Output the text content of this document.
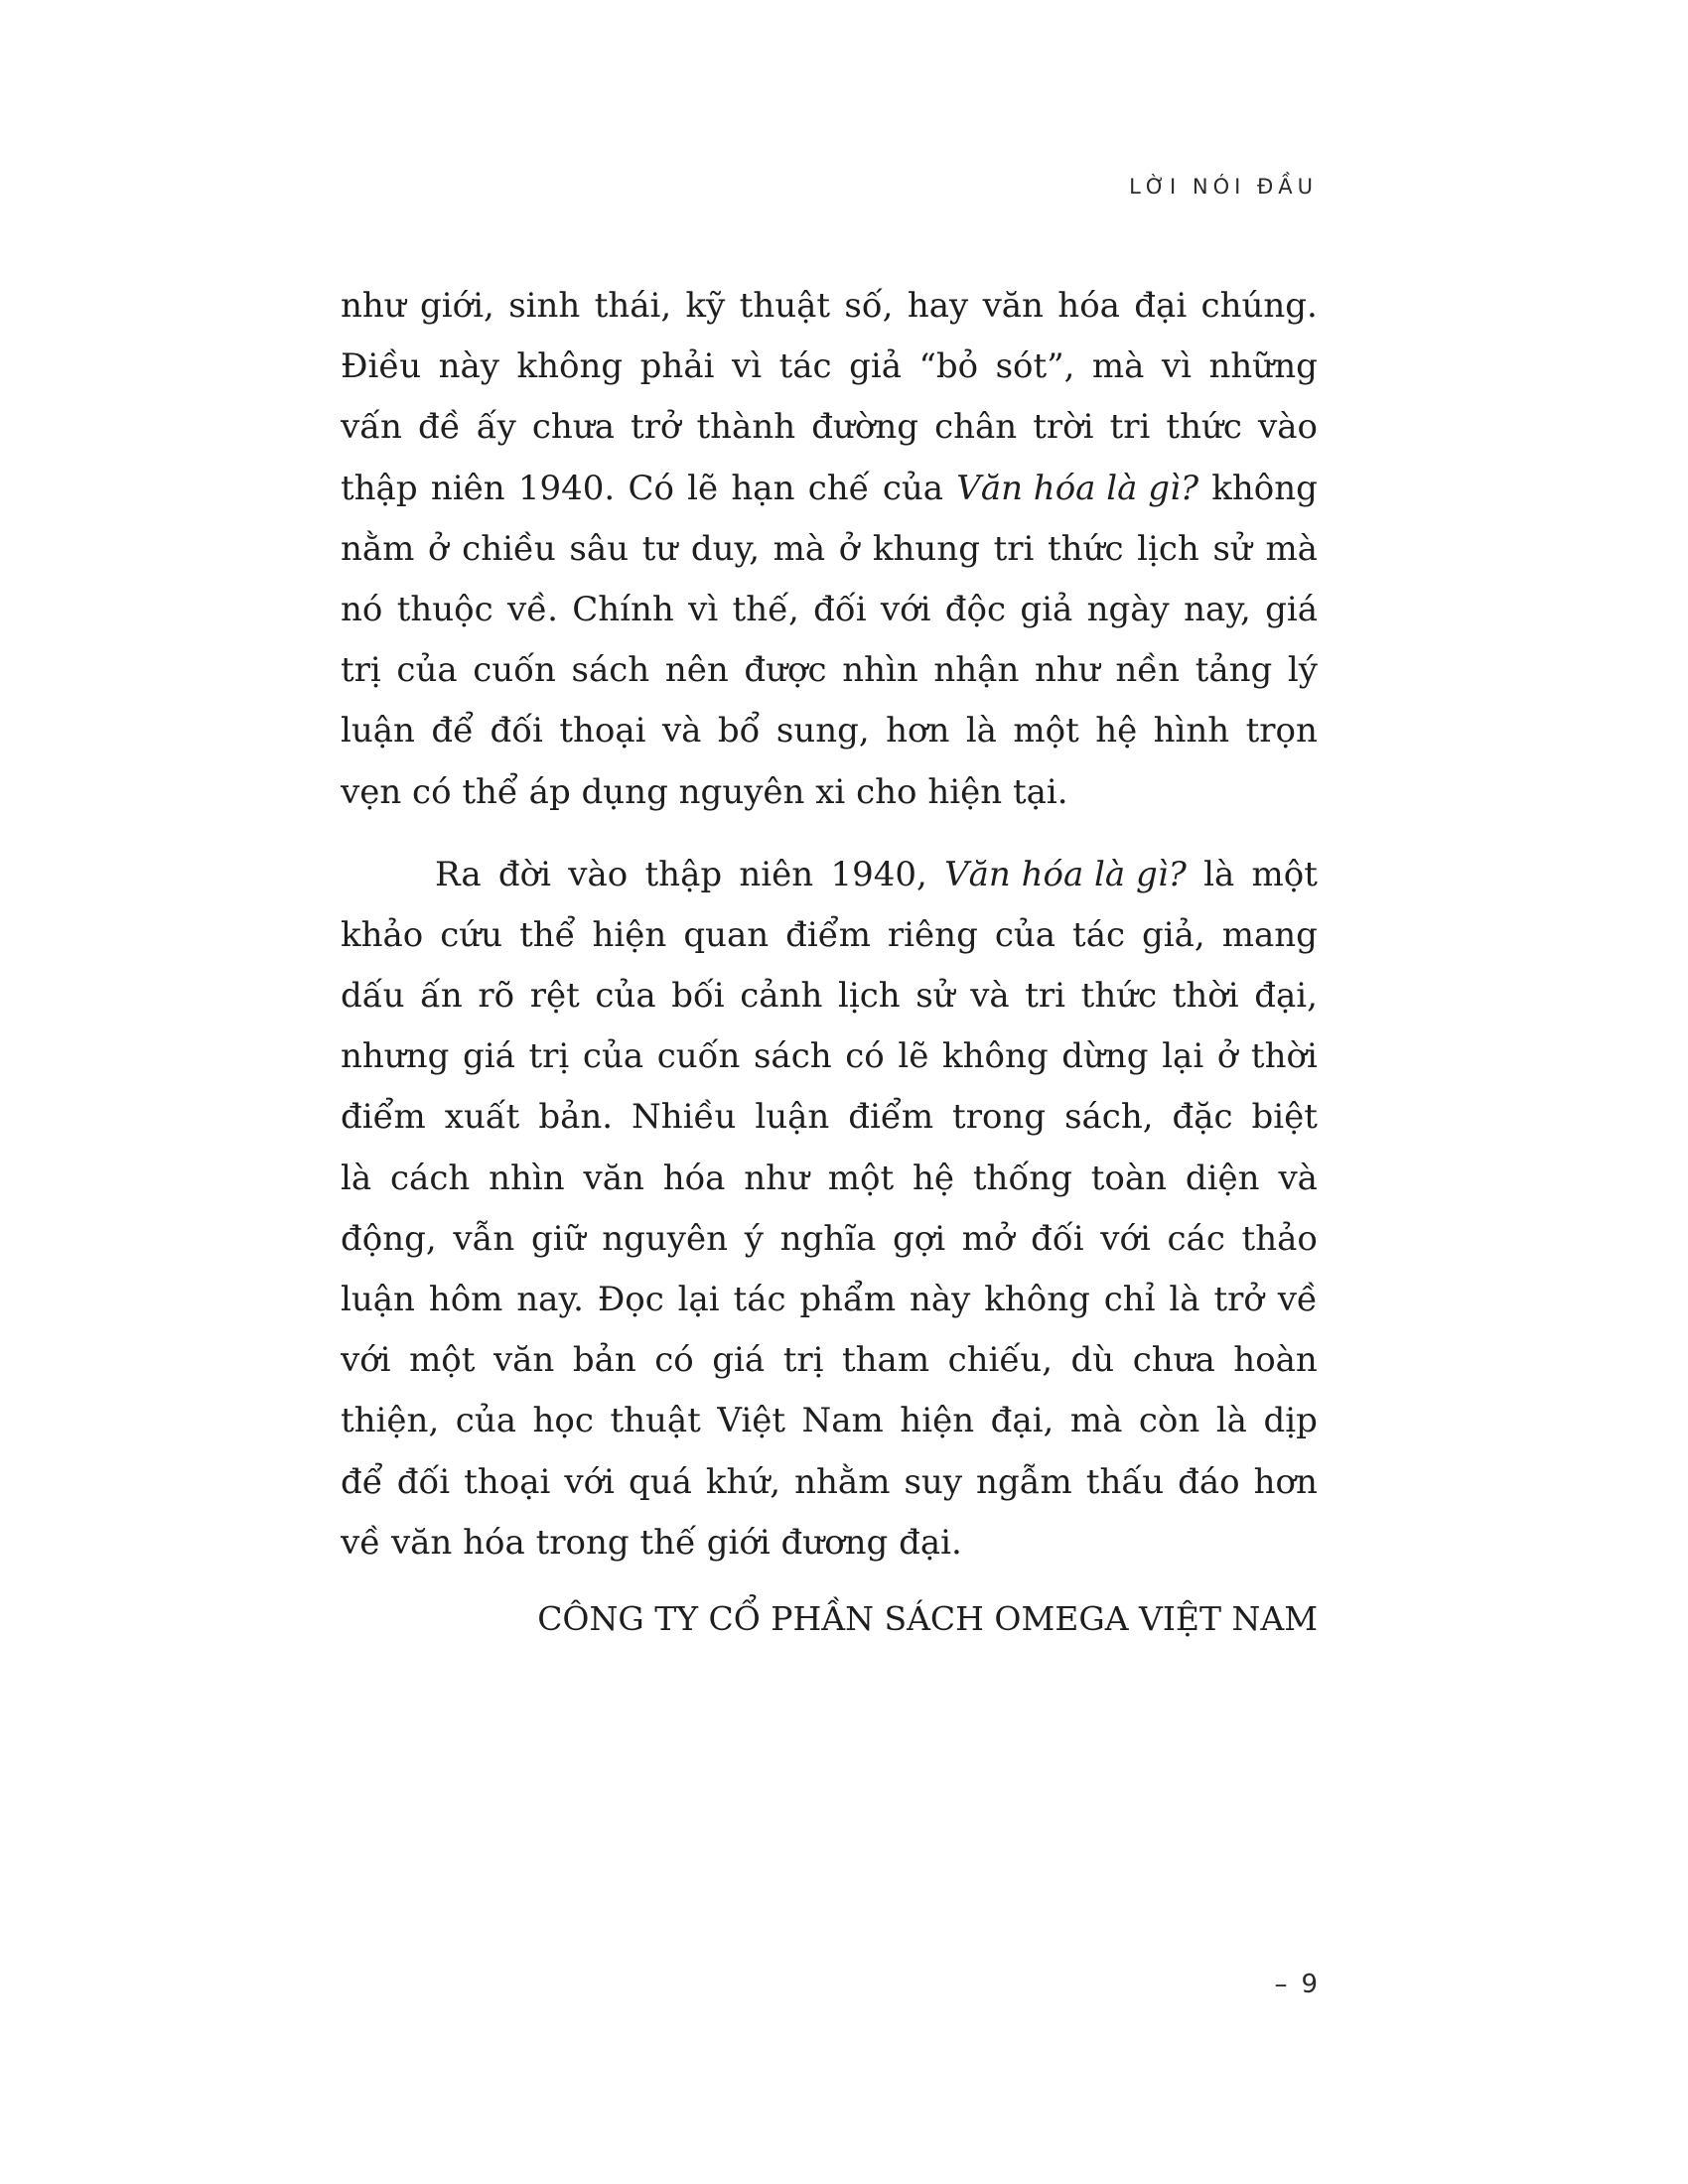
LỜI NÓI ĐẦU
như giới, sinh thái, kỹ thuật số, hay văn hóa đại chúng.
Điều này không phải vì tác giả “bỏ sót”, mà vì những
vấn đề ấy chưa trở thành đường chân trời tri thức vào
thập niên 1940. Có lẽ hạn chế của Văn hóa là gì? không
nằm ở chiều sâu tư duy, mà ở khung tri thức lịch sử mà
nó thuộc về. Chính vì thế, đối với độc giả ngày nay, giá
trị của cuốn sách nên được nhìn nhận như nền tảng lý
luận để đối thoại và bổ sung, hơn là một hệ hình trọn
vẹn có thể áp dụng nguyên xi cho hiện tại.
Ra đời vào thập niên 1940, Văn hóa là gì? là một
khảo cứu thể hiện quan điểm riêng của tác giả, mang
dấu ấn rõ rệt của bối cảnh lịch sử và tri thức thời đại,
nhưng giá trị của cuốn sách có lẽ không dừng lại ở thời
điểm xuất bản. Nhiều luận điểm trong sách, đặc biệt
là cách nhìn văn hóa như một hệ thống toàn diện và
động, vẫn giữ nguyên ý nghĩa gợi mở đối với các thảo
luận hôm nay. Đọc lại tác phẩm này không chỉ là trở về
với một văn bản có giá trị tham chiếu, dù chưa hoàn
thiện, của học thuật Việt Nam hiện đại, mà còn là dịp
để đối thoại với quá khứ, nhằm suy ngẫm thấu đáo hơn
về văn hóa trong thế giới đương đại.
CÔNG TY CỔ PHẦN SÁCH OMEGA VIỆT NAM
– 9
